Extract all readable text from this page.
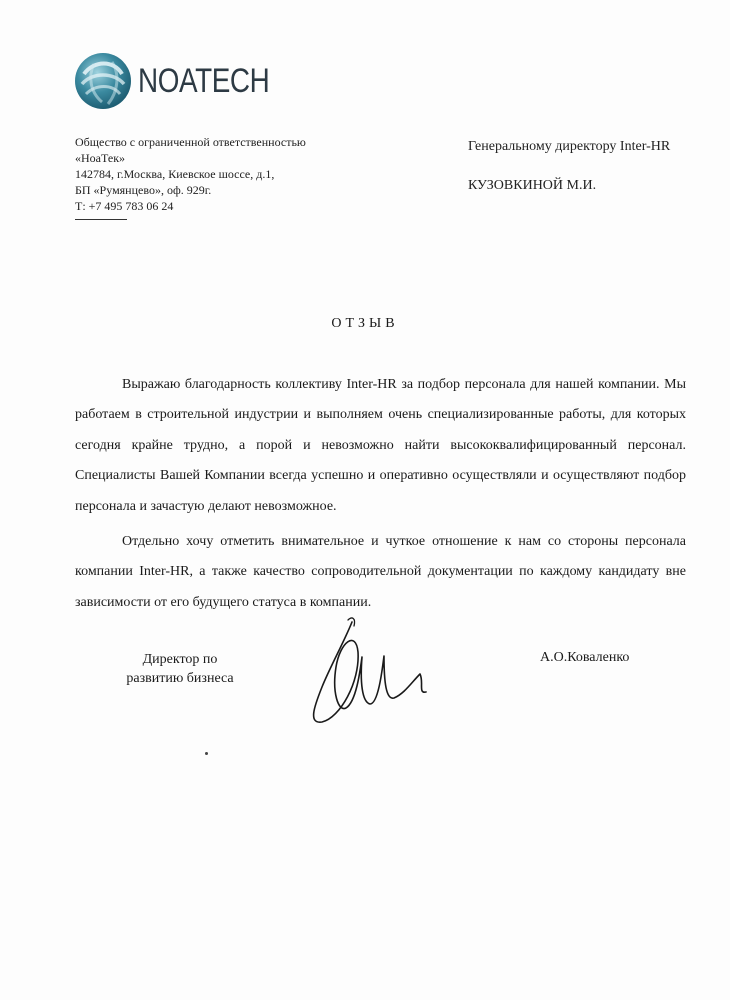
NOATECH
Общество с ограниченной ответственностью
«НоаТек»
142784, г.Москва, Киевское шоссе, д.1,
БП «Румянцево», оф. 929г.
Т: +7 495 783 06 24
Генеральному директору Inter-HR
КУЗОВКИНОЙ М.И.
ОТЗЫВ

Выражаю благодарность коллективу Inter-HR за подбор персонала для нашей компании. Мы работаем в строительной индустрии и выполняем очень специализированные работы, для которых сегодня крайне трудно, а порой и невозможно найти высококвалифицированный персонал. Специалисты Вашей Компании всегда успешно и оперативно осуществляли и осуществляют подбор персонала и зачастую делают невозможное.

Отдельно хочу отметить внимательное и чуткое отношение к нам со стороны персонала компании Inter-HR, а также качество сопроводительной документации по каждому кандидату вне зависимости от его будущего статуса в компании.

Директор по
развитию бизнеса
А.О.Коваленко
